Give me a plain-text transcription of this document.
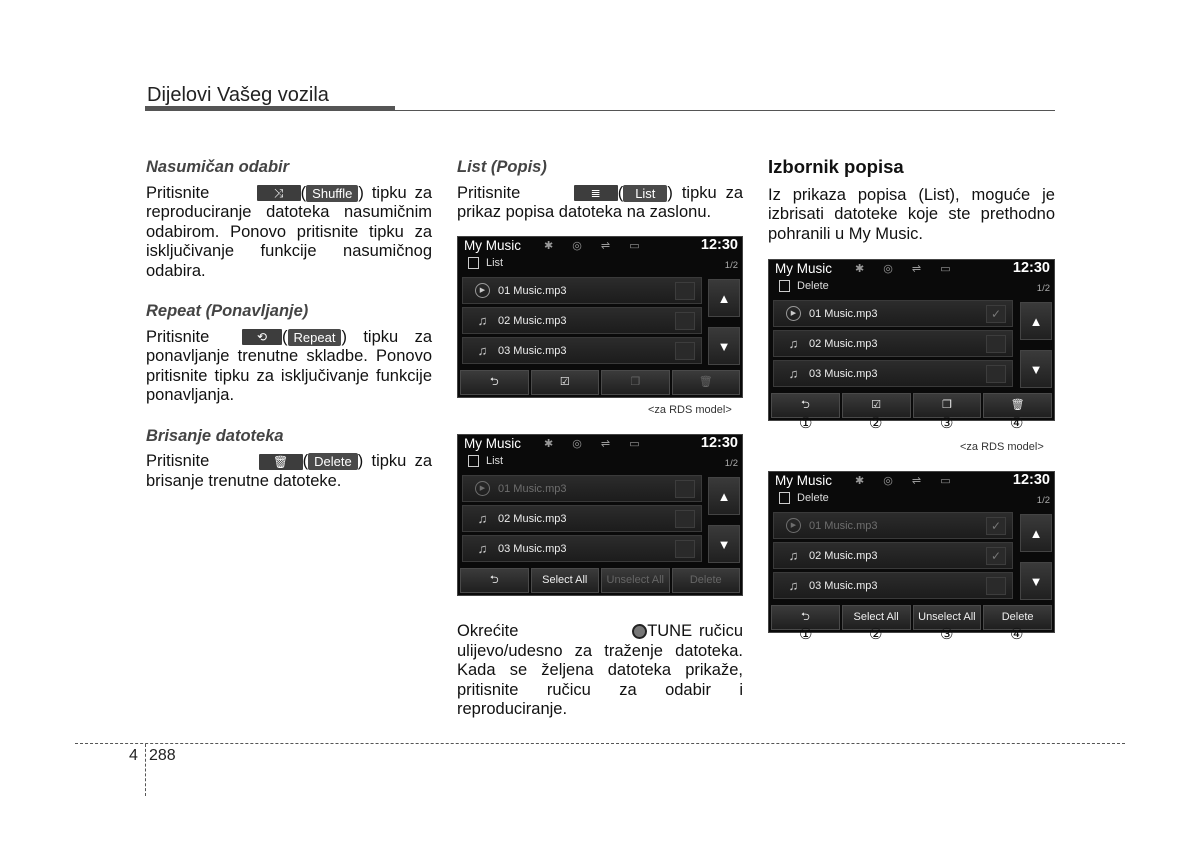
Dijelovi Vašeg vozila
Nasumičan odabir

Pritisnite	⤨ ( Shuffle ) tipku za reproduciranje datoteka nasumičnim odabirom. Ponovo pritisnite tipku za isključivanje funkcije nasumičnog odabira.

Repeat (Ponavljanje)

Pritisnite	⟲ ( Repeat ) tipku za ponavljanje trenutne skladbe. Ponovo pritisnite tipku za isključivanje funkcije ponavljanja.

Brisanje datoteka

Pritisnite	🗑 ( Delete ) tipku za brisanje trenutne datoteke.

List (Popis)

Pritisnite	≣ ( List ) tipku za prikaz popisa datoteka na zaslonu.

My Music ✱ ◎ ⇌ ▭	12:30
List	1/2
▶	01 Music.mp3
♫ 02 Music.mp3
♫ 03 Music.mp3
▲
▼
⮌	☑	❐	🗑
<za RDS model>
My Music ✱ ◎ ⇌ ▭	12:30
List	1/2
▶	01 Music.mp3
♫ 02 Music.mp3
♫ 03 Music.mp3
▲
▼
⮌	Select All	Unselect All	Delete

Okrećite	TUNE ručicu ulijevo/udesno za traženje datoteka. Kada se željena datoteka prikaže, pritisnite ručicu za odabir i reproduciranje.

Izbornik popisa

Iz prikaza popisa (List), moguće je izbrisati datoteke koje ste prethodno pohranili u My Music.

My Music ✱ ◎ ⇌ ▭	12:30
Delete	1/2
▶	01 Music.mp3	✓
♫ 02 Music.mp3
♫ 03 Music.mp3
▲
▼
⮌	☑	❐	🗑
①	②	③	④
<za RDS model>
My Music ✱ ◎ ⇌ ▭	12:30
Delete	1/2
▶	01 Music.mp3	✓
♫ 02 Music.mp3	✓
♫ 03 Music.mp3
▲
▼
⮌	Select All	Unselect All	Delete
①	②	③	④
4 288
